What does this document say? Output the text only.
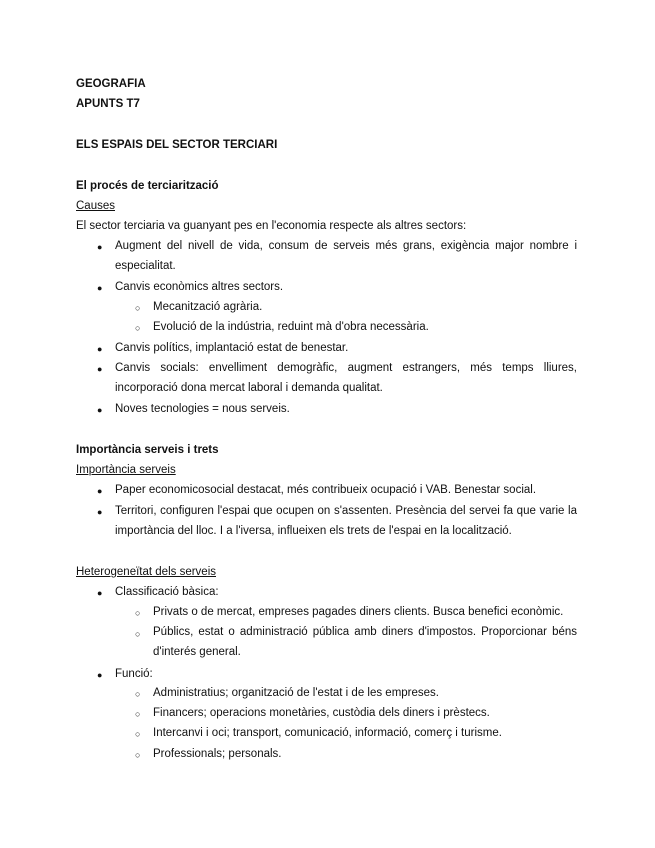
GEOGRAFIA
APUNTS T7
ELS ESPAIS DEL SECTOR TERCIARI
El procés de terciarització
Causes
El sector terciaria va guanyant pes en l'economia respecte als altres sectors:
● Augment del nivell de vida, consum de serveis més grans, exigència major nombre i especialitat.
● Canvis econòmics altres sectors.
○ Mecanització agrària.
○ Evolució de la indústria, reduint mà d'obra necessària.
● Canvis polítics, implantació estat de benestar.
● Canvis socials: envelliment demogràfic, augment estrangers, més temps lliures, incorporació dona mercat laboral i demanda qualitat.
● Noves tecnologies = nous serveis.
Importància serveis i trets
Importància serveis
● Paper economicosocial destacat, més contribueix ocupació i VAB. Benestar social.
● Territori, configuren l'espai que ocupen on s'assenten. Presència del servei fa que varie la importància del lloc. I a l'iversa, influeixen els trets de l'espai en la localització.
Heterogeneïtat dels serveis
● Classificació bàsica:
○ Privats o de mercat, empreses pagades diners clients. Busca benefici econòmic.
○ Públics, estat o administració pública amb diners d'impostos. Proporcionar béns d'interés general.
● Funció:
○ Administratius; organització de l'estat i de les empreses.
○ Financers; operacions monetàries, custòdia dels diners i prèstecs.
○ Intercanvi i oci; transport, comunicació, informació, comerç i turisme.
○ Professionals; personals.
